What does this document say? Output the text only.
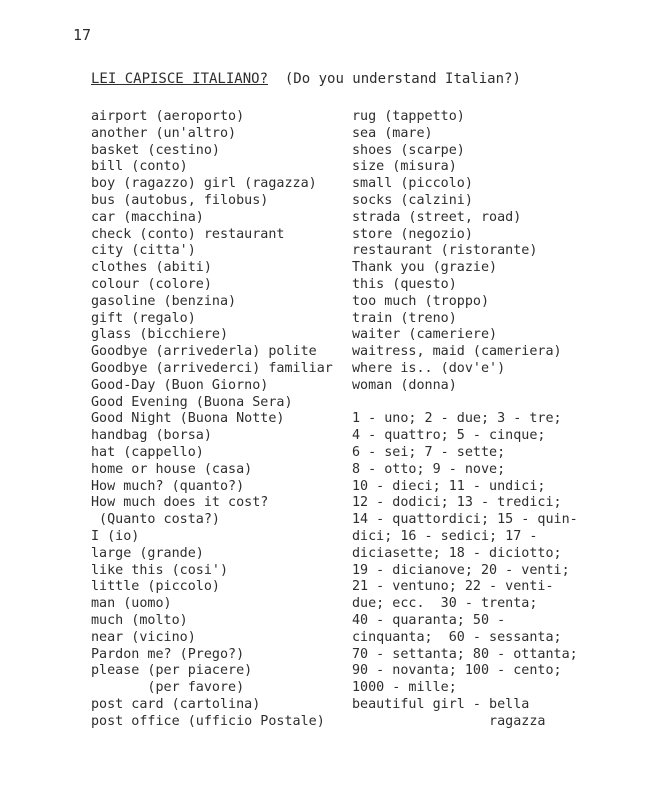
17
LEI CAPISCE ITALIANO? (Do you understand Italian?)
airport (aeroporto)
another (un'altro)
basket (cestino)
bill (conto)
boy (ragazzo) girl (ragazza)
bus (autobus, filobus)
car (macchina)
check (conto) restaurant
city (citta')
clothes (abiti)
colour (colore)
gasoline (benzina)
gift (regalo)
glass (bicchiere)
Goodbye (arrivederla) polite
Goodbye (arrivederci) familiar
Good-Day (Buon Giorno)
Good Evening (Buona Sera)
Good Night (Buona Notte)
handbag (borsa)
hat (cappello)
home or house (casa)
How much? (quanto?)
How much does it cost?
(Quanto costa?)
I (io)
large (grande)
like this (cosi')
little (piccolo)
man (uomo)
much (molto)
near (vicino)
Pardon me? (Prego?)
please (per piacere)
(per favore)
post card (cartolina)
post office (ufficio Postale)
rug (tappetto)
sea (mare)
shoes (scarpe)
size (misura)
small (piccolo)
socks (calzini)
strada (street, road)
store (negozio)
restaurant (ristorante)
Thank you (grazie)
this (questo)
too much (troppo)
train (treno)
waiter (cameriere)
waitress, maid (cameriera)
where is.. (dov'e')
woman (donna)
1 - uno; 2 - due; 3 - tre;
4 - quattro; 5 - cinque;
6 - sei; 7 - sette;
8 - otto; 9 - nove;
10 - dieci; 11 - undici;
12 - dodici; 13 - tredici;
14 - quattordici; 15 - quin-
dici; 16 - sedici; 17 -
diciasette; 18 - diciotto;
19 - dicianove; 20 - venti;
21 - ventuno; 22 - venti-
due; ecc.  30 - trenta;
40 - quaranta; 50 -
cinquanta;  60 - sessanta;
70 - settanta; 80 - ottanta;
90 - novanta; 100 - cento;
1000 - mille;
beautiful girl - bella
ragazza
